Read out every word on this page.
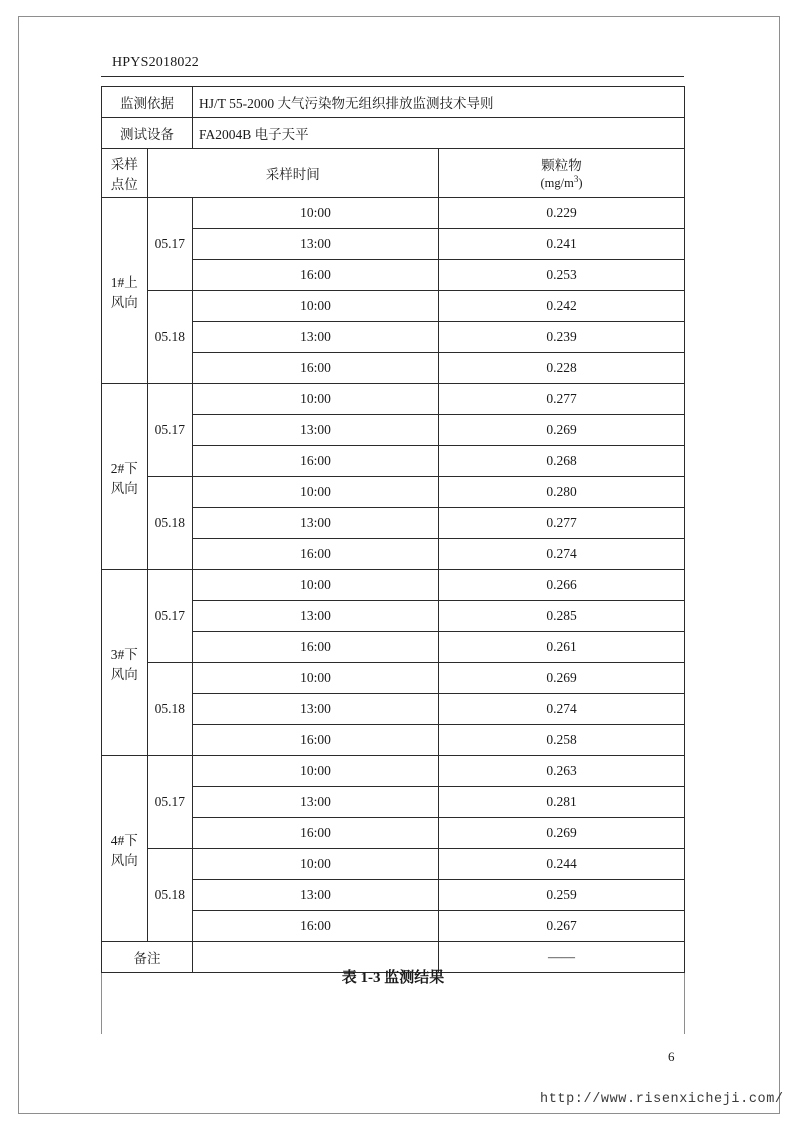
HPYS2018022
监测依据		HJ/T 55-2000 大气污染物无组织排放监测技术导则	
测试设备		FA2004B 电子天平	
采样点位	采样时间		颗粒物
$(mg/m^3)$

1#上风向	05.17	10:00	0.229
		13:00	0.241
		16:00	0.253
	05.18	10:00	0.242
		13:00	0.239
		16:00	0.228
2#下风向	05.17	10:00	0.277
		13:00	0.269
		16:00	0.268
	05.18	10:00	0.280
		13:00	0.277
		16:00	0.274
3#下风向	05.17	10:00	0.266
		13:00	0.285
		16:00	0.261
	05.18	10:00	0.269
		13:00	0.274
		16:00	0.258
4#下风向	05.17	10:00	0.263
		13:00	0.281
		16:00	0.269
	05.18	10:00	0.244
		13:00	0.259
		16:00	0.267
备注			——
表 1-3 监测结果
6
http://www.risenxicheji.com/
